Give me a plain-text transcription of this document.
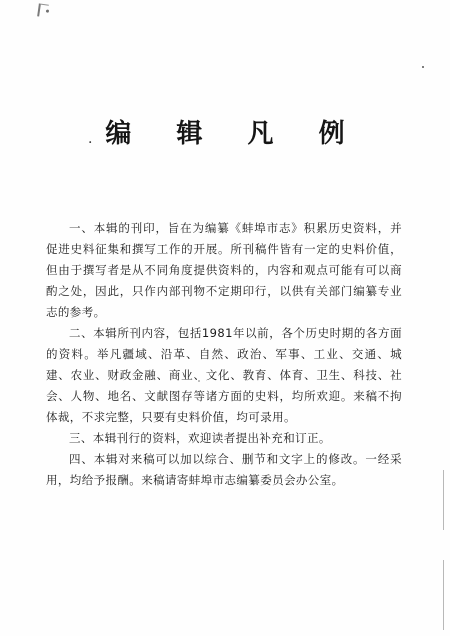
· 编 辑 凡 例

一、本辑的刊印，旨在为编纂《蚌埠市志》积累历史资料，并促进史料征集和撰写工作的开展。所刊稿件皆有一定的史料价值，但由于撰写者是从不同角度提供资料的，内容和观点可能有可以商酌之处，因此，只作内部刊物不定期印行，以供有关部门编纂专业志的参考。

二、本辑所刊内容，包括1981年以前，各个历史时期的各方面的资料。举凡疆域、沿革、自然、政治、军事、工业、交通、城建、农业、财政金融、商业、文化、教育、体育、卫生、科技、社会、人物、地名、文献图存等诸方面的史料，均所欢迎。来稿不拘体裁，不求完整，只要有史料价值，均可录用。

三、本辑刊行的资料，欢迎读者提出补充和订正。

四、本辑对来稿可以加以综合、删节和文字上的修改。一经采用，均给予报酬。来稿请寄蚌埠市志编纂委员会办公室。
